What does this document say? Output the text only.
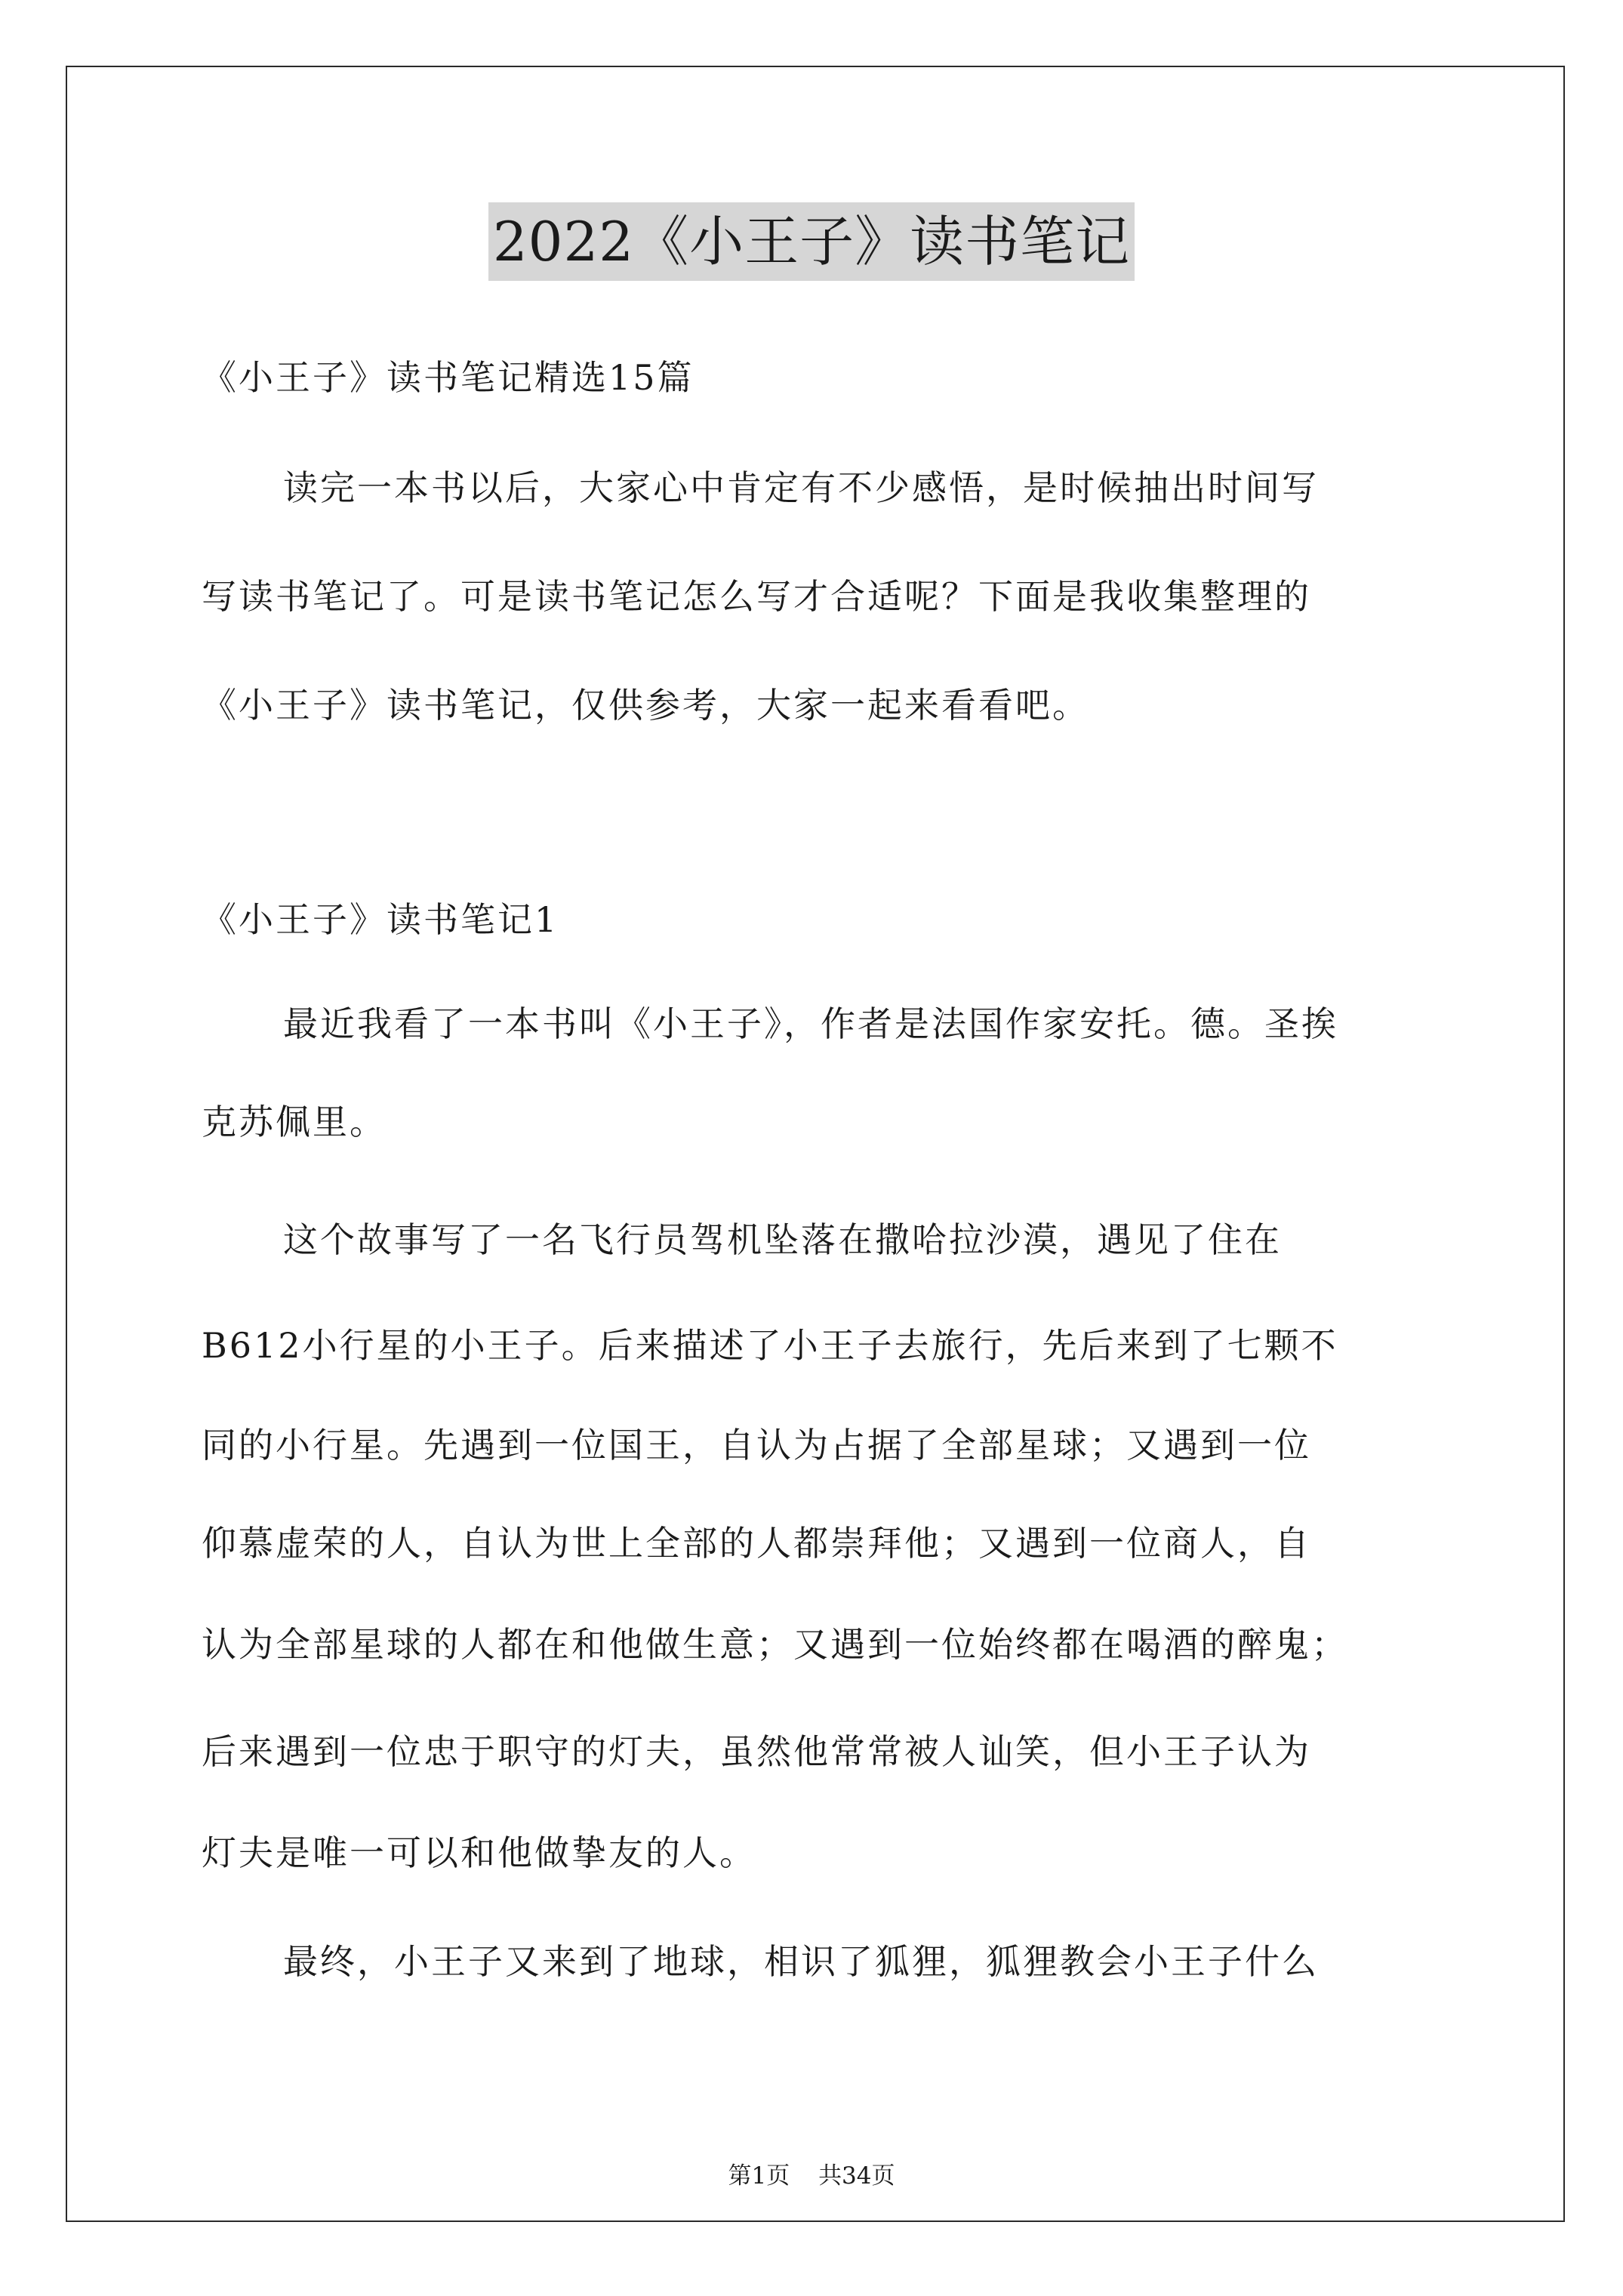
2022《小王子》读书笔记
《小王子》读书笔记精选15篇
读完一本书以后，大家心中肯定有不少感悟，是时候抽出时间写
写读书笔记了。可是读书笔记怎么写才合适呢？下面是我收集整理的
《小王子》读书笔记，仅供参考，大家一起来看看吧。
《小王子》读书笔记1
最近我看了一本书叫《小王子》，作者是法国作家安托。德。圣挨
克苏佩里。
这个故事写了一名飞行员驾机坠落在撒哈拉沙漠，遇见了住在
B612小行星的小王子。后来描述了小王子去旅行，先后来到了七颗不
同的小行星。先遇到一位国王，自认为占据了全部星球；又遇到一位
仰慕虚荣的人，自认为世上全部的人都崇拜他；又遇到一位商人，自
认为全部星球的人都在和他做生意；又遇到一位始终都在喝酒的醉鬼；
后来遇到一位忠于职守的灯夫，虽然他常常被人讪笑，但小王子认为
灯夫是唯一可以和他做挚友的人。
最终，小王子又来到了地球，相识了狐狸，狐狸教会小王子什么
第1页 共34页
